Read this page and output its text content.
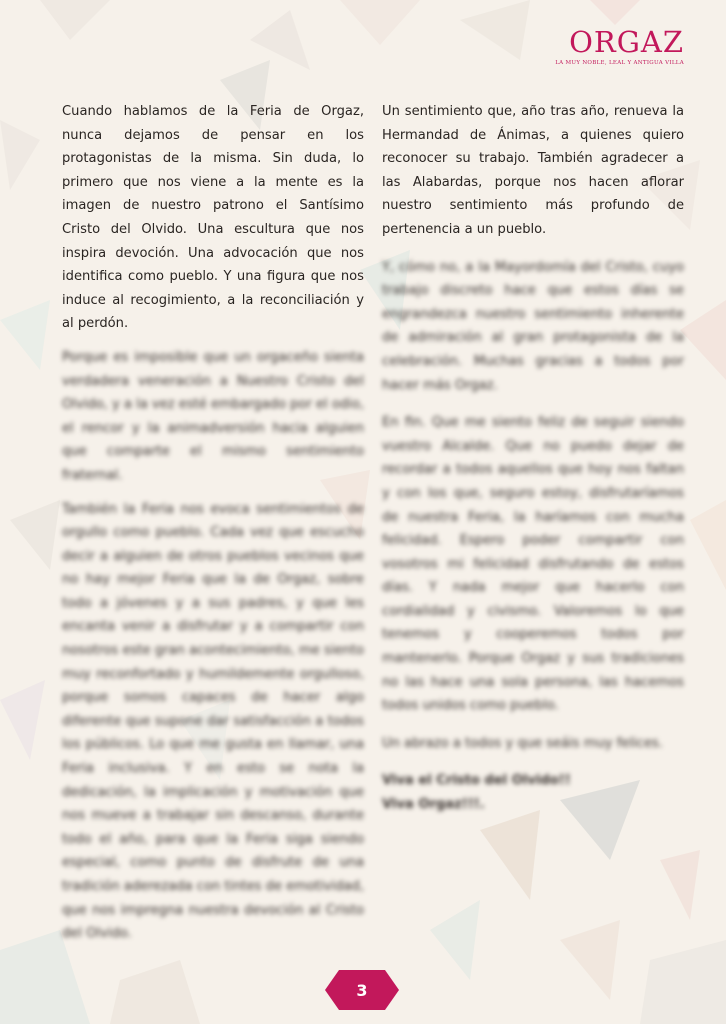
ORGAZ
LA MUY NOBLE, LEAL Y ANTIGUA VILLA

Cuando hablamos de la Feria de Orgaz, nunca dejamos de pensar en los protagonistas de la misma. Sin duda, lo primero que nos viene a la mente es la imagen de nuestro patrono el Santísimo Cristo del Olvido. Una escultura que nos inspira devoción. Una advocación que nos identifica como pueblo. Y una figura que nos induce al recogimiento, a la reconciliación y al perdón.

Porque es imposible que un orgaceño sienta verdadera veneración a Nuestro Cristo del Olvido, y a la vez esté embargado por el odio, el rencor y la animadversión hacia alguien que comparte el mismo sentimiento fraternal.

También la Feria nos evoca sentimientos de orgullo como pueblo. Cada vez que escucho decir a alguien de otros pueblos vecinos que no hay mejor Feria que la de Orgaz, sobre todo a jóvenes y a sus padres, y que les encanta venir a disfrutar y a compartir con nosotros este gran acontecimiento, me siento muy reconfortado y humildemente orgulloso, porque somos capaces de hacer algo diferente que supone dar satisfacción a todos los públicos. Lo que me gusta en llamar, una Feria inclusiva. Y en esto se nota la dedicación, la implicación y motivación que nos mueve a trabajar sin descanso, durante todo el año, para que la Feria siga siendo especial, como punto de disfrute de una tradición aderezada con tintes de emotividad, que nos impregna nuestra devoción al Cristo del Olvido.

Un sentimiento que, año tras año, renueva la Hermandad de Ánimas, a quienes quiero reconocer su trabajo. También agradecer a las Alabardas, porque nos hacen aflorar nuestro sentimiento más profundo de pertenencia a un pueblo.

Y, cómo no, a la Mayordomía del Cristo, cuyo trabajo discreto hace que estos días se engrandezca nuestro sentimiento inherente de admiración al gran protagonista de la celebración. Muchas gracias a todos por hacer más Orgaz.

En fin. Que me siento feliz de seguir siendo vuestro Alcalde. Que no puedo dejar de recordar a todos aquellos que hoy nos faltan y con los que, seguro estoy, disfrutaríamos de nuestra Feria, la haríamos con mucha felicidad. Espero poder compartir con vosotros mi felicidad disfrutando de estos días. Y nada mejor que hacerlo con cordialidad y civismo. Valoremos lo que tenemos y cooperemos todos por mantenerlo. Porque Orgaz y sus tradiciones no las hace una sola persona, las hacemos todos unidos como pueblo.

Un abrazo a todos y que seáis muy felices.

Viva el Cristo del Olvido!!

Viva Orgaz!!!.

3
